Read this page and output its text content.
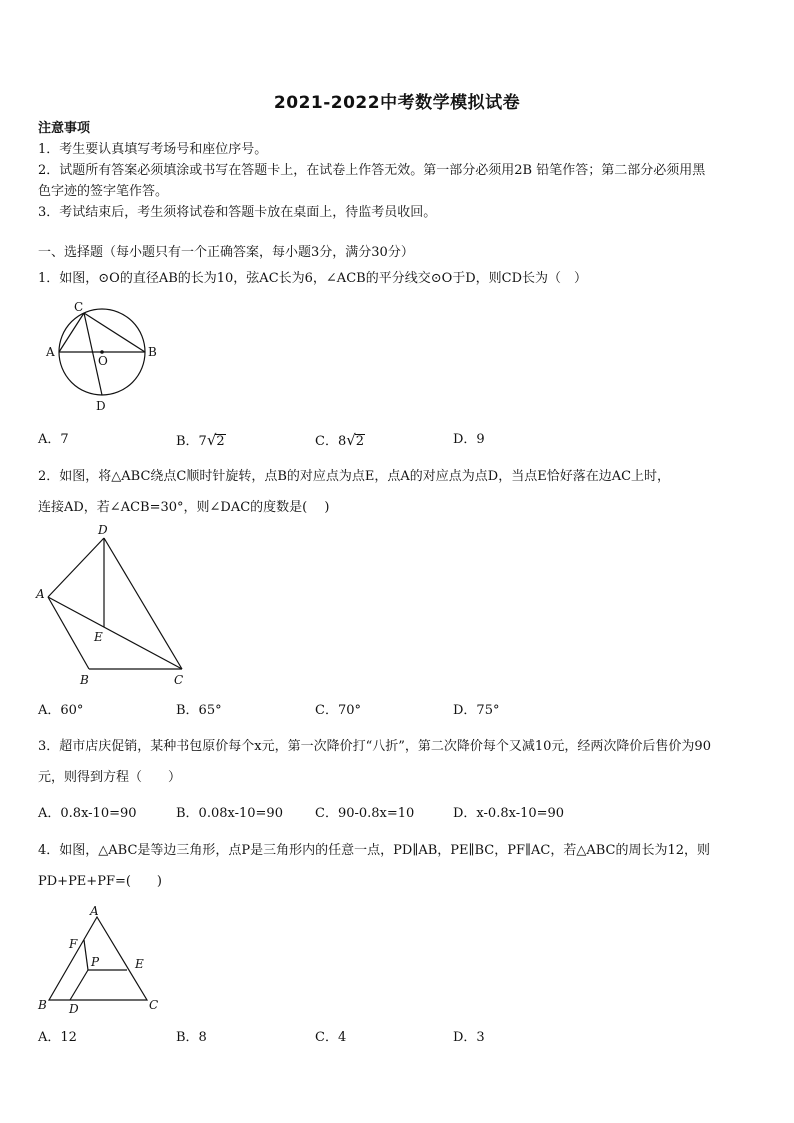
2021-2022中考数学模拟试卷
注意事项
1．考生要认真填写考场号和座位序号。
2．试题所有答案必须填涂或书写在答题卡上，在试卷上作答无效。第一部分必须用2B 铅笔作答；第二部分必须用黑
色字迹的签字笔作答。
3．考试结束后，考生须将试卷和答题卡放在桌面上，待监考员收回。
一、选择题（每小题只有一个正确答案，每小题3分，满分30分）
1．如图，⊙O的直径AB的长为10，弦AC长为6，∠ACB的平分线交⊙O于D，则CD长为（　）
A	B
C
D
O
A．7	B．7√2	C．8√2	D．9
2．如图，将△ABC绕点C顺时针旋转，点B的对应点为点E，点A的对应点为点D，当点E恰好落在边AC上时，
连接AD，若∠ACB=30°，则∠DAC的度数是(　 )
D
A
E
B	C
A．60°	B．65°	C．70°	D．75°
3．超市店庆促销，某种书包原价每个x元，第一次降价打“八折”，第二次降价每个又减10元，经两次降价后售价为90
元，则得到方程（　　）
A．0.8x-10=90	B．0.08x-10=90 C．90-0.8x=10	D．x-0.8x-10=90
4．如图，△ABC是等边三角形，点P是三角形内的任意一点，PD∥AB，PE∥BC，PF∥AC，若△ABC的周长为12，则
PD+PE+PF=(　　)
A
F
P	E
B D	C
A．12	B．8	C．4	D．3
